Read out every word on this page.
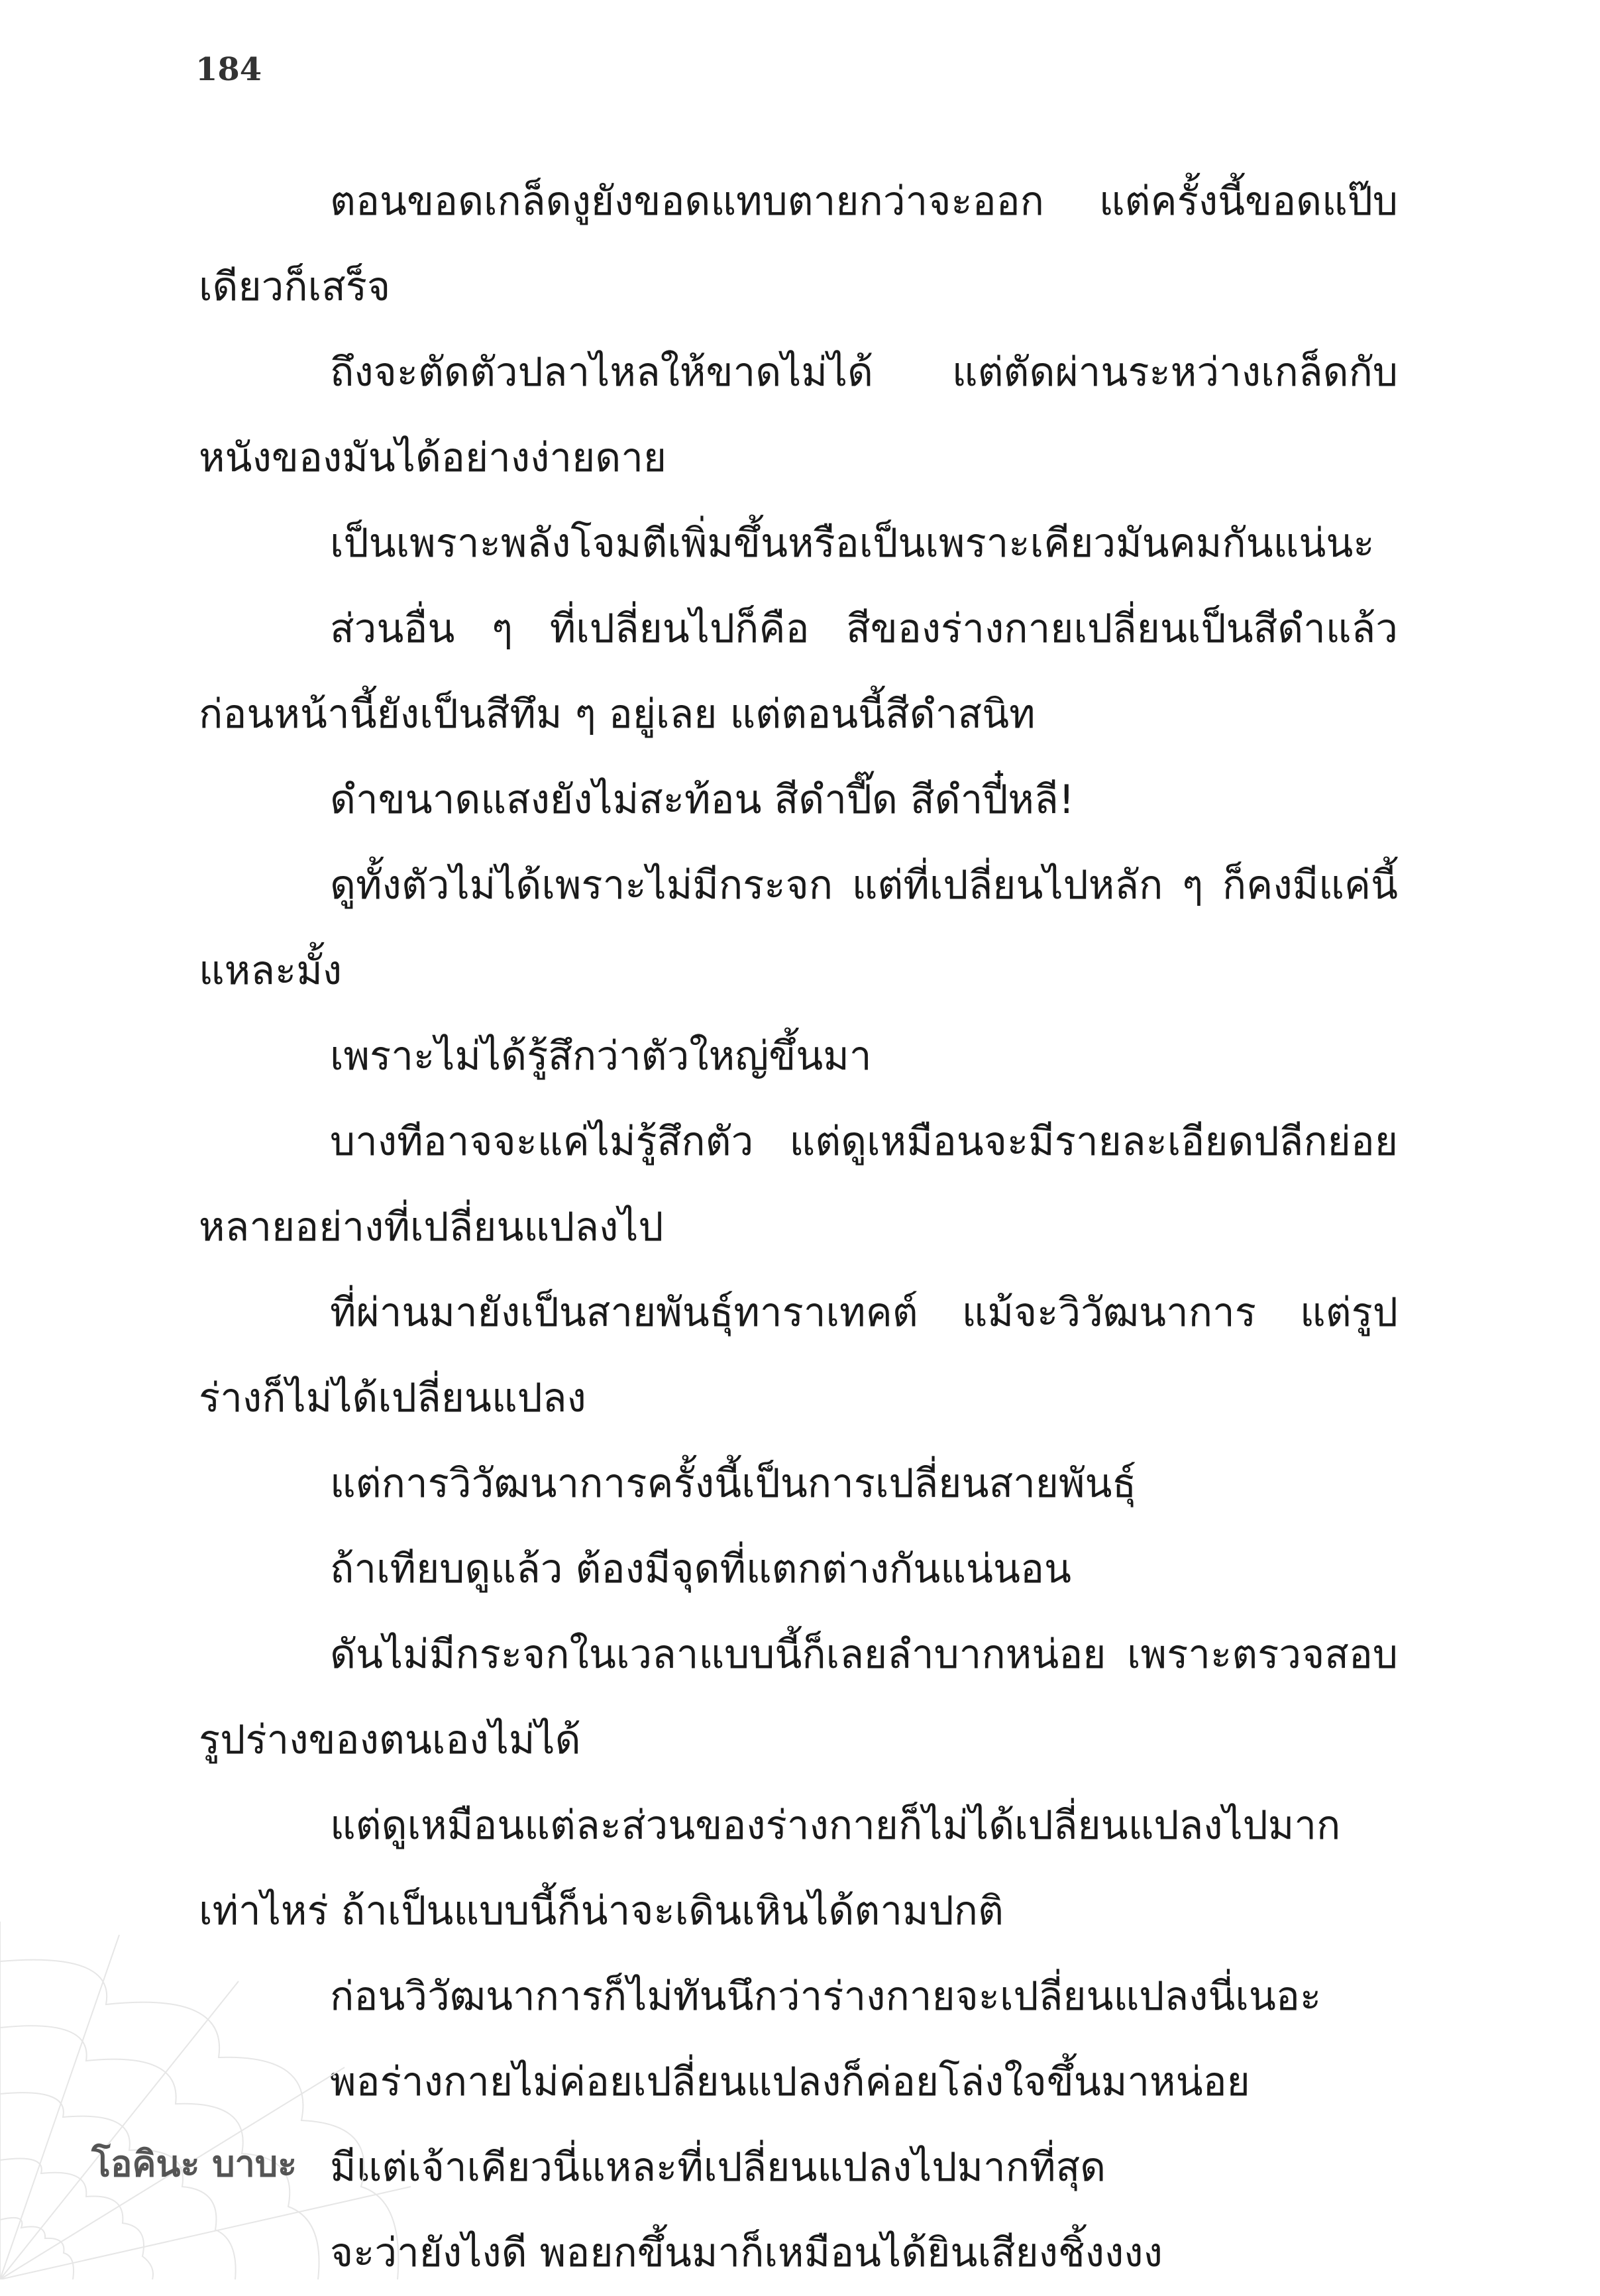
184

ตอนขอดเกล็ดงูยังขอดแทบตายกว่าจะออก แต่ครั้งนี้ขอดแป๊บเดียวก็เสร็จ

ถึงจะตัดตัวปลาไหลให้ขาดไม่ได้ แต่ตัดผ่านระหว่างเกล็ดกับหนังของมันได้อย่างง่ายดาย

เป็นเพราะพลังโจมตีเพิ่มขึ้นหรือเป็นเพราะเคียวมันคมกันแน่นะ

ส่วนอื่น ๆ ที่เปลี่ยนไปก็คือ สีของร่างกายเปลี่ยนเป็นสีดำแล้ว ก่อนหน้านี้ยังเป็นสีทึม ๆ อยู่เลย แต่ตอนนี้สีดำสนิท

ดำขนาดแสงยังไม่สะท้อน สีดำปี๊ด สีดำปี๋หลี!

ดูทั้งตัวไม่ได้เพราะไม่มีกระจก แต่ที่เปลี่ยนไปหลัก ๆ ก็คงมีแค่นี้แหละมั้ง

เพราะไม่ได้รู้สึกว่าตัวใหญ่ขึ้นมา

บางทีอาจจะแค่ไม่รู้สึกตัว แต่ดูเหมือนจะมีรายละเอียดปลีกย่อยหลายอย่างที่เปลี่ยนแปลงไป

ที่ผ่านมายังเป็นสายพันธุ์ทาราเทคต์ แม้จะวิวัฒนาการ แต่รูปร่างก็ไม่ได้เปลี่ยนแปลง

แต่การวิวัฒนาการครั้งนี้เป็นการเปลี่ยนสายพันธุ์

ถ้าเทียบดูแล้ว ต้องมีจุดที่แตกต่างกันแน่นอน

ดันไม่มีกระจกในเวลาแบบนี้ก็เลยลำบากหน่อย เพราะตรวจสอบรูปร่างของตนเองไม่ได้

แต่ดูเหมือนแต่ละส่วนของร่างกายก็ไม่ได้เปลี่ยนแปลงไปมากเท่าไหร่ ถ้าเป็นแบบนี้ก็น่าจะเดินเหินได้ตามปกติ

ก่อนวิวัฒนาการก็ไม่ทันนึกว่าร่างกายจะเปลี่ยนแปลงนี่เนอะ

พอร่างกายไม่ค่อยเปลี่ยนแปลงก็ค่อยโล่งใจขึ้นมาหน่อย

มีแต่เจ้าเคียวนี่แหละที่เปลี่ยนแปลงไปมากที่สุด

จะว่ายังไงดี พอยกขึ้นมาก็เหมือนได้ยินเสียงชิ้งงงง

โอคินะ บาบะ
